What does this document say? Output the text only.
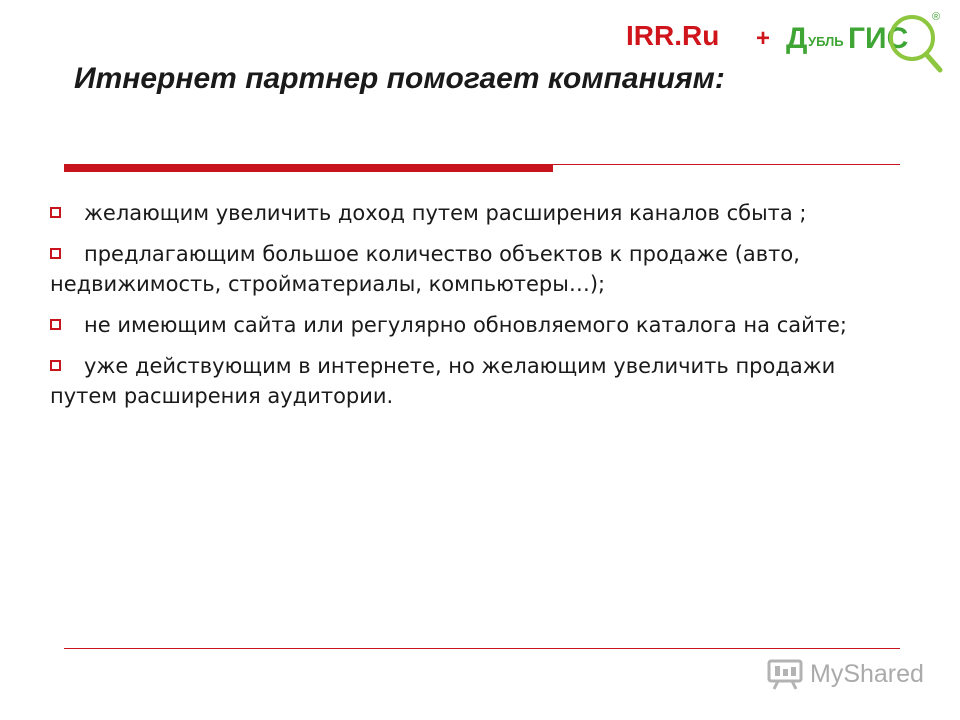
IRR.Ru + Д УБЛЬ ГИС
®
Итнернет партнер помогает компаниям:
желающим увеличить доход путем расширения каналов сбыта ;
предлагающим большое количество объектов к продаже (авто, недвижимость, стройматериалы, компьютеры…);
не имеющим сайта или регулярно обновляемого каталога на сайте;
уже действующим в интернете, но желающим увеличить продажи путем расширения аудитории.
MyShared
